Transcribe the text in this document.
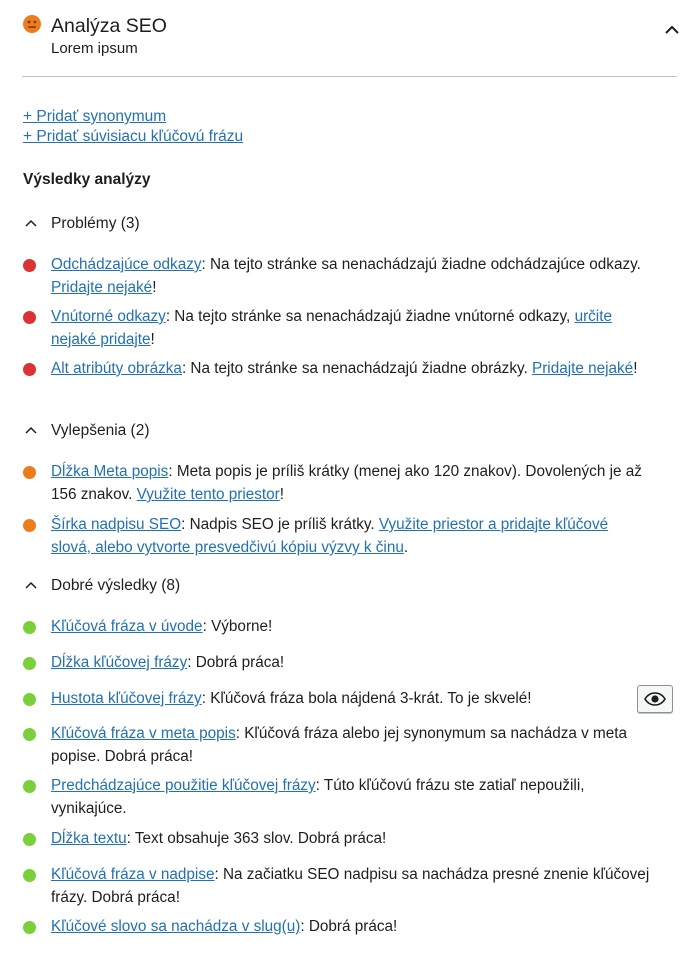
Analýza SEO
Lorem ipsum
+ Pridať synonymum
+ Pridať súvisiacu kľúčovú frázu
Výsledky analýzy
Problémy (3)
Odchádzajúce odkazy: Na tejto stránke sa nenachádzajú žiadne odchádzajúce odkazy. Pridajte nejaké!
Vnútorné odkazy: Na tejto stránke sa nenachádzajú žiadne vnútorné odkazy, určite nejaké pridajte!
Alt atribúty obrázka: Na tejto stránke sa nenachádzajú žiadne obrázky. Pridajte nejaké!
Vylepšenia (2)
Dĺžka Meta popis: Meta popis je príliš krátky (menej ako 120 znakov). Dovolených je až 156 znakov. Využite tento priestor!
Šírka nadpisu SEO: Nadpis SEO je príliš krátky. Využite priestor a pridajte kľúčové slová, alebo vytvorte presvedčivú kópiu výzvy k činu.
Dobré výsledky (8)
Kľúčová fráza v úvode: Výborne!
Dĺžka kľúčovej frázy: Dobrá práca!
Hustota kľúčovej frázy: Kľúčová fráza bola nájdená 3-krát. To je skvelé!
Kľúčová fráza v meta popis: Kľúčová fráza alebo jej synonymum sa nachádza v meta popise. Dobrá práca!
Predchádzajúce použitie kľúčovej frázy: Túto kľúčovú frázu ste zatiaľ nepoužili, vynikajúce.
Dĺžka textu: Text obsahuje 363 slov. Dobrá práca!
Kľúčová fráza v nadpise: Na začiatku SEO nadpisu sa nachádza presné znenie kľúčovej frázy. Dobrá práca!
Kľúčové slovo sa nachádza v slug(u): Dobrá práca!
